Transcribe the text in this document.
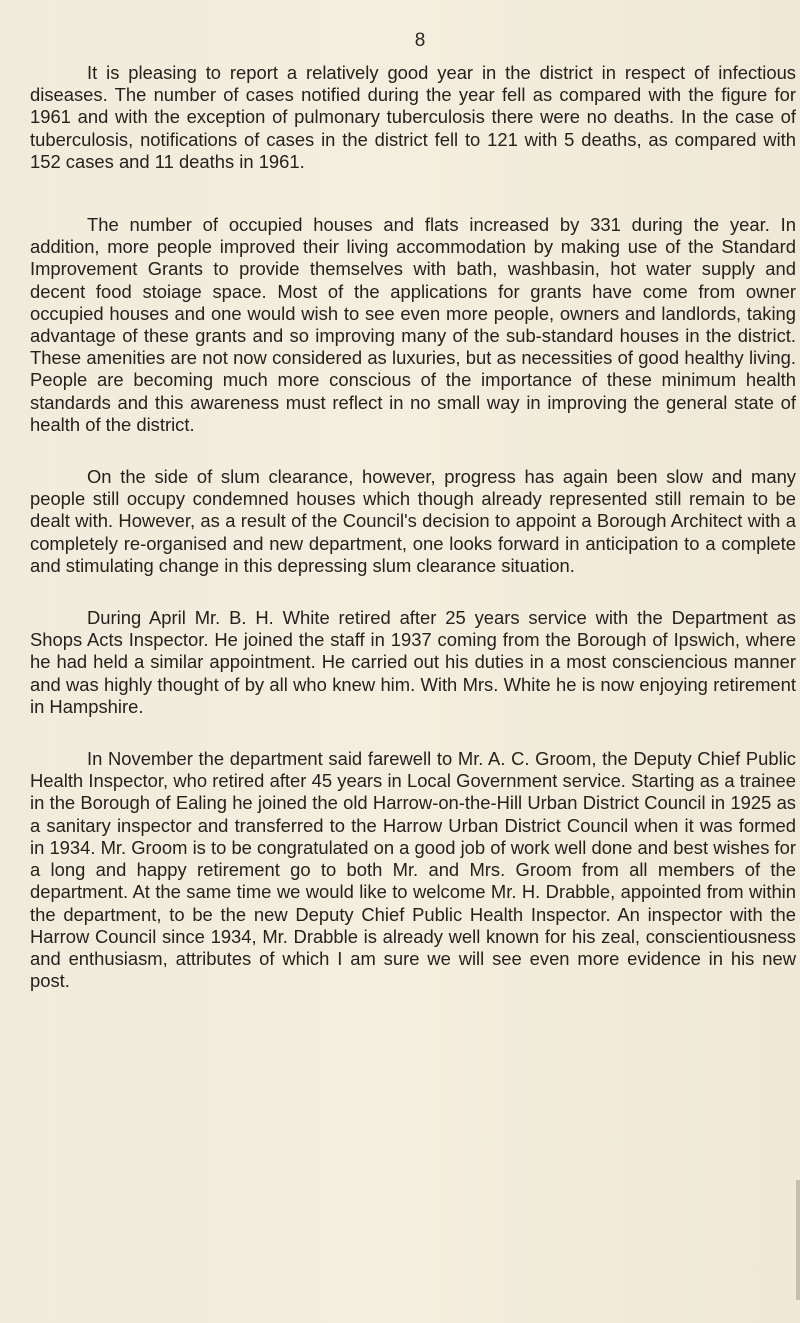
8

It is pleasing to report a relatively good year in the district in respect of infectious diseases. The number of cases notified during the year fell as compared with the figure for 1961 and with the exception of pulmonary tuberculosis there were no deaths. In the case of tuberculosis, notifications of cases in the district fell to 121 with 5 deaths, as compared with 152 cases and 11 deaths in 1961.

The number of occupied houses and flats increased by 331 during the year. In addition, more people improved their living accommodation by making use of the Standard Improvement Grants to provide themselves with bath, washbasin, hot water supply and decent food stoiage space. Most of the applications for grants have come from owner occupied houses and one would wish to see even more people, owners and landlords, taking advantage of these grants and so improving many of the sub-standard houses in the district. These amenities are not now considered as luxuries, but as necessities of good healthy living. People are becoming much more conscious of the importance of these minimum health standards and this awareness must reflect in no small way in improving the general state of health of the district.

On the side of slum clearance, however, progress has again been slow and many people still occupy condemned houses which though already represented still remain to be dealt with. However, as a result of the Council's decision to appoint a Borough Architect with a completely re-organised and new department, one looks forward in anticipation to a complete and stimulating change in this depressing slum clearance situation.

During April Mr. B. H. White retired after 25 years service with the Department as Shops Acts Inspector. He joined the staff in 1937 coming from the Borough of Ipswich, where he had held a similar appointment. He carried out his duties in a most consciencious manner and was highly thought of by all who knew him. With Mrs. White he is now enjoying retirement in Hampshire.

In November the department said farewell to Mr. A. C. Groom, the Deputy Chief Public Health Inspector, who retired after 45 years in Local Government service. Starting as a trainee in the Borough of Ealing he joined the old Harrow-on-the-Hill Urban District Council in 1925 as a sanitary inspector and transferred to the Harrow Urban District Council when it was formed in 1934. Mr. Groom is to be congratulated on a good job of work well done and best wishes for a long and happy retirement go to both Mr. and Mrs. Groom from all members of the department. At the same time we would like to welcome Mr. H. Drabble, appointed from within the department, to be the new Deputy Chief Public Health Inspector. An inspector with the Harrow Council since 1934, Mr. Drabble is already well known for his zeal, conscientiousness and enthusiasm, attributes of which I am sure we will see even more evidence in his new post.
